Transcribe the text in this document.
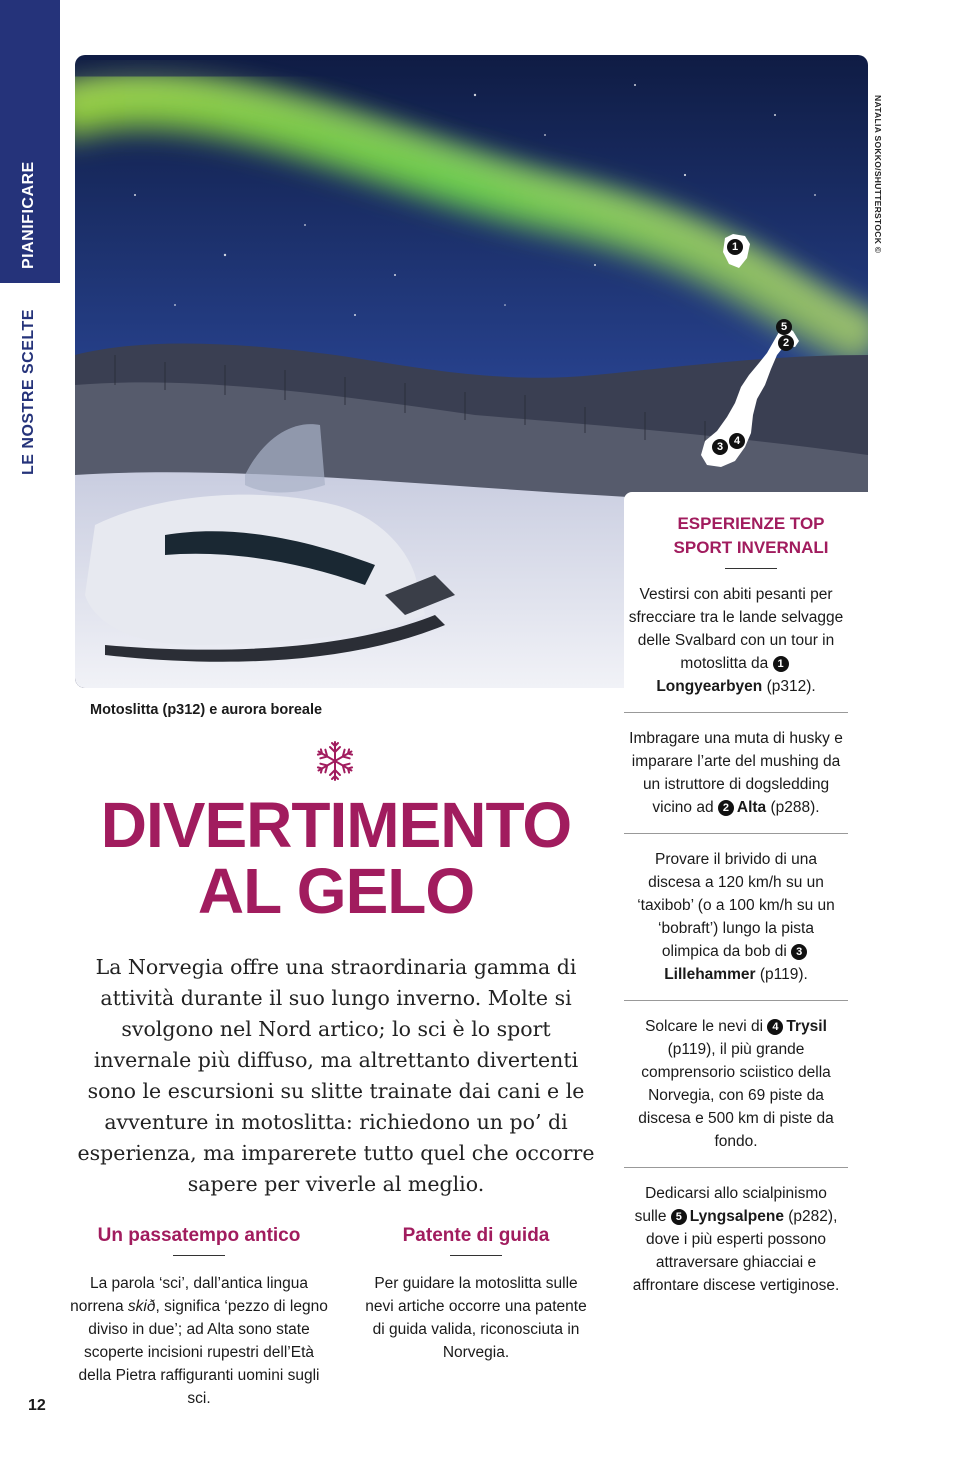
PIANIFICARE
LE NOSTRE SCELTE
NATALIA SOKKO/SHUTTERSTOCK ©
1
5
2
3 4
Motoslitta (p312) e aurora boreale
DIVERTIMENTO
AL GELO

La Norvegia offre una straordinaria gamma di attività durante il suo lungo inverno. Molte si svolgono nel Nord artico; lo sci è lo sport invernale più diffuso, ma altrettanto divertenti sono le escursioni su slitte trainate dai cani e le avventure in motoslitta: richiedono un po’ di esperienza, ma imparerete tutto quel che occorre sapere per viverle al meglio.

Un passatempo antico

La parola ‘sci’, dall’antica lingua norrena skið, significa ‘pezzo di legno diviso in due’; ad Alta sono state scoperte incisioni rupestri dell’Età della Pietra raffiguranti uomini sugli sci.

Patente di guida

Per guidare la motoslitta sulle nevi artiche occorre una patente di guida valida, riconosciuta in Norvegia.

ESPERIENZE TOP
SPORT INVERNALI
Vestirsi con abiti pesanti per sfrecciare tra le lande selvagge delle Svalbard con un tour in motoslitta da 1Longyearbyen (p312).
Imbragare una muta di husky e imparare l’arte del mushing da un istruttore di dogsledding vicino ad 2 Alta (p288).
Provare il brivido di una discesa a 120 km/h su un ‘taxibob’ (o a 100 km/h su un ‘bobraft’) lungo la pista olimpica da bob di 3Lillehammer (p119).
Solcare le nevi di 4 Trysil (p119), il più grande comprensorio sciistico della Norvegia, con 69 piste da discesa e 500 km di piste da fondo.
Dedicarsi allo scialpinismo sulle 5 Lyngsalpene (p282), dove i più esperti possono attraversare ghiacciai e affrontare discese vertiginose.
12
